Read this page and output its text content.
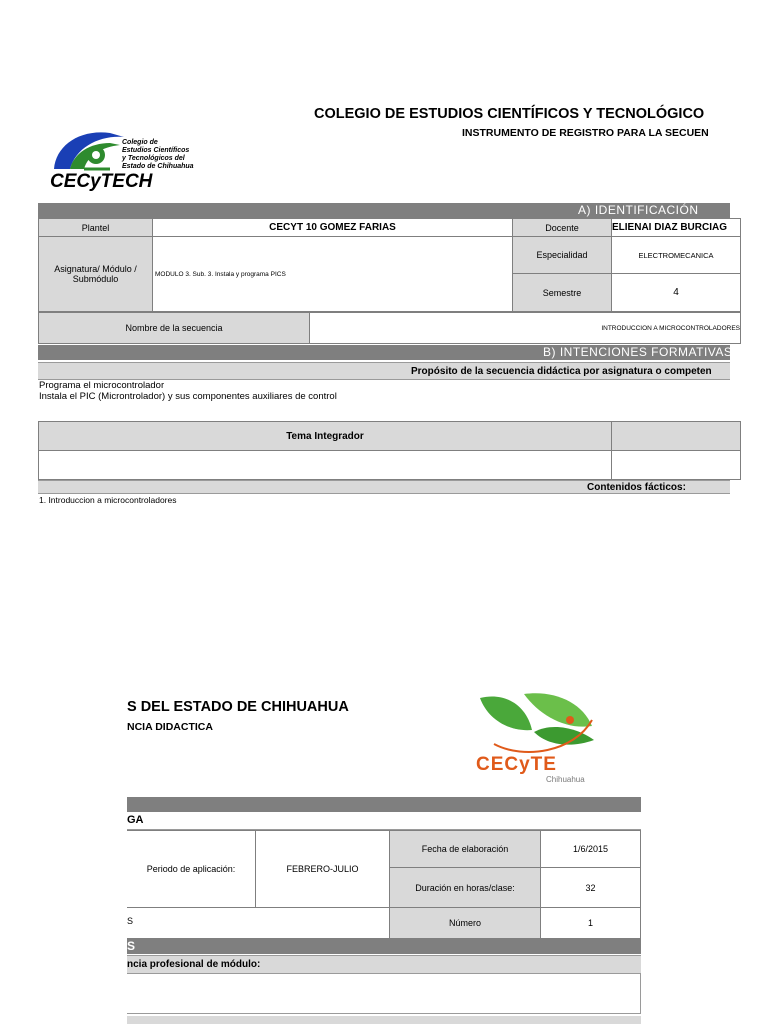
Colegio de
Estudios Científicos
y Tecnológicos del
Estado de Chihuahua
CECyTECH
COLEGIO DE ESTUDIOS CIENTÍFICOS Y TECNOLÓGICO
INSTRUMENTO DE REGISTRO PARA LA SECUEN
A) IDENTIFICACIÓN
Plantel	CECYT 10 GOMEZ FARIAS	Docente	ELIENAI DIAZ BURCIAG
Asignatura/ Módulo / Submódulo	MODULO 3. Sub. 3. Instala y programa PICS
Especialidad	ELECTROMECANICA
Semestre	4
Nombre de la secuencia	INTRODUCCION A MICROCONTROLADORES
B) INTENCIONES FORMATIVAS
Propósito de la secuencia didáctica por asignatura o competen
Programa el microcontrolador
Instala el PIC (Microntrolador) y sus componentes auxiliares de control
Tema Integrador
Contenidos fácticos:
1. Introduccion a microcontroladores
S DEL ESTADO DE CHIHUAHUA
NCIA DIDACTICA
CECyTE
Chihuahua
GA
Periodo de aplicación:	FEBRERO-JULIO
Fecha de elaboración	1/6/2015
Duración en horas/clase:	32
S	Número	1
S
ncia profesional de módulo:
